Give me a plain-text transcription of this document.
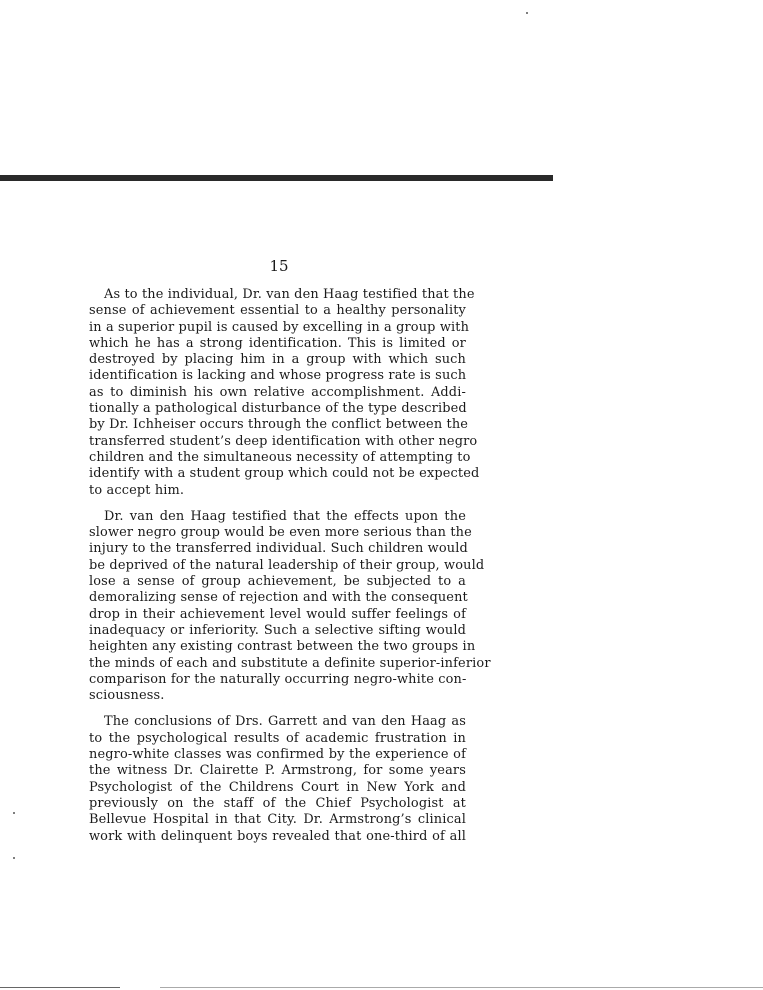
15

As to the individual, Dr. van den Haag testified that the
sense of achievement essential to a healthy personality
in a superior pupil is caused by excelling in a group with
which he has a strong identification. This is limited or
destroyed by placing him in a group with which such
identification is lacking and whose progress rate is such
as to diminish his own relative accomplishment. Addi-
tionally a pathological disturbance of the type described
by Dr. Ichheiser occurs through the conflict between the
transferred student’s deep identification with other negro
children and the simultaneous necessity of attempting to
identify with a student group which could not be expected
to accept him.

Dr. van den Haag testified that the effects upon the
slower negro group would be even more serious than the
injury to the transferred individual. Such children would
be deprived of the natural leadership of their group, would
lose a sense of group achievement, be subjected to a
demoralizing sense of rejection and with the consequent
drop in their achievement level would suffer feelings of
inadequacy or inferiority. Such a selective sifting would
heighten any existing contrast between the two groups in
the minds of each and substitute a definite superior-inferior
comparison for the naturally occurring negro-white con-
sciousness.

The conclusions of Drs. Garrett and van den Haag as
to the psychological results of academic frustration in
negro-white classes was confirmed by the experience of
the witness Dr. Clairette P. Armstrong, for some years
Psychologist of the Childrens Court in New York and
previously on the staff of the Chief Psychologist at
Bellevue Hospital in that City. Dr. Armstrong’s clinical
work with delinquent boys revealed that one-third of all
